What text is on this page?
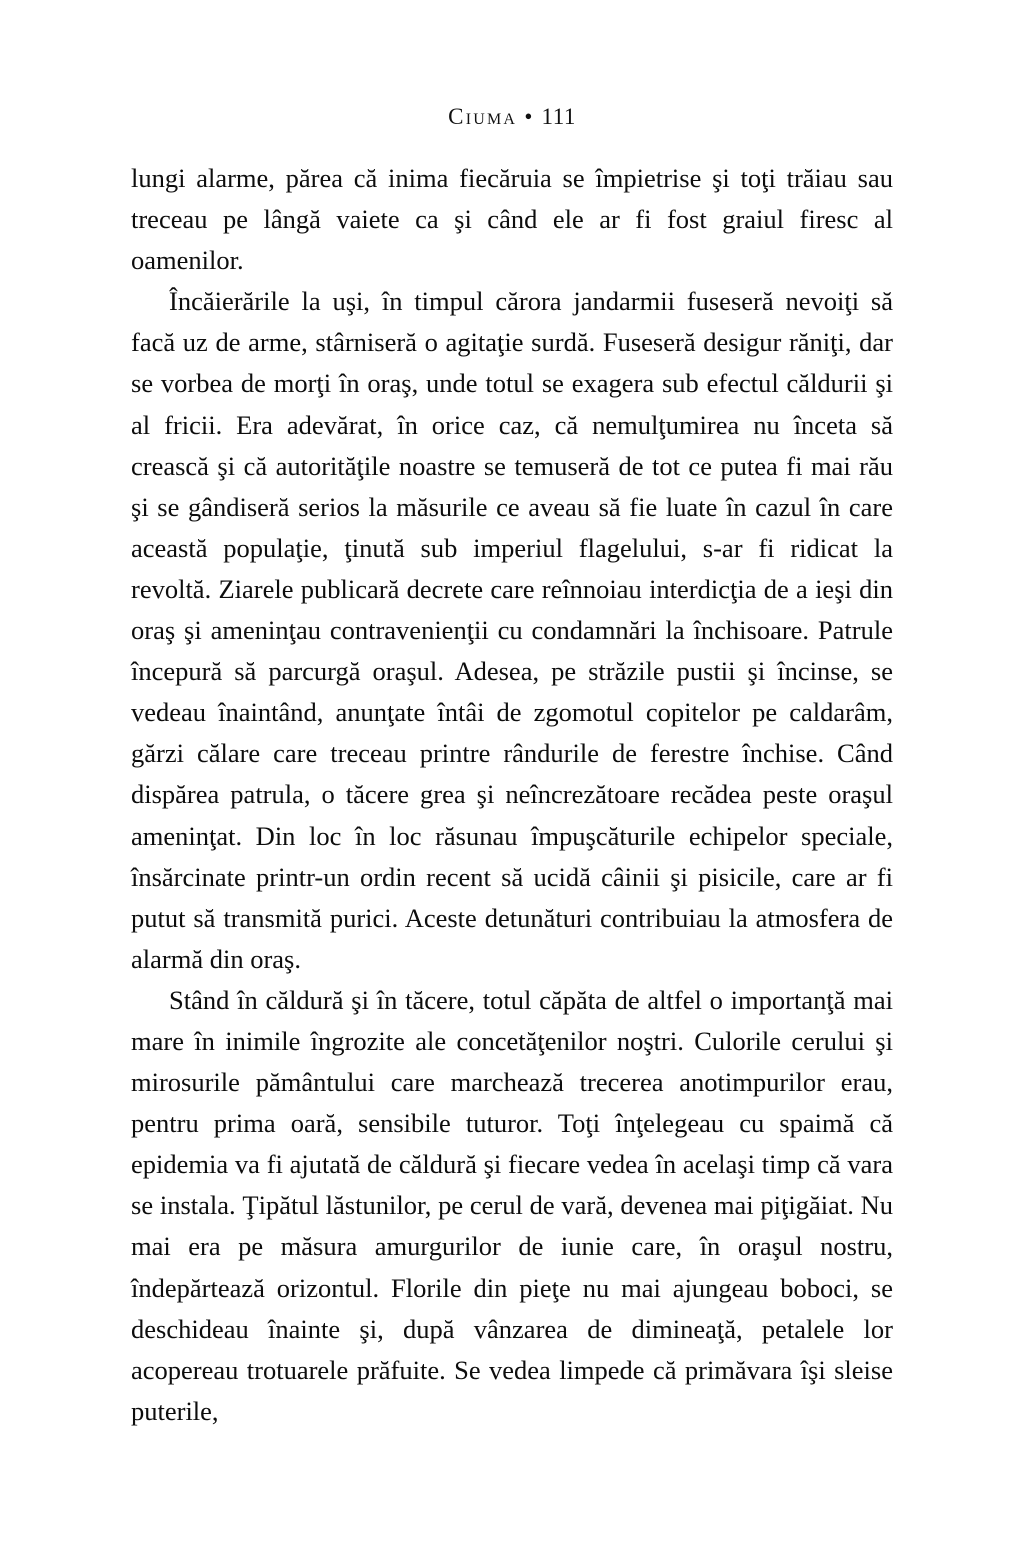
Ciuma • 111

lungi alarme, părea că inima fiecăruia se împietrise şi toţi trăiau sau treceau pe lângă vaiete ca şi când ele ar fi fost graiul firesc al oamenilor.

Încăierările la uşi, în timpul cărora jandarmii fuseseră nevoiţi să facă uz de arme, stârniseră o agitaţie surdă. Fuseseră desigur răniţi, dar se vorbea de morţi în oraş, unde totul se exagera sub efectul căldurii şi al fricii. Era adevărat, în orice caz, că nemulţumirea nu înceta să crească şi că autorităţile noastre se temuseră de tot ce putea fi mai rău şi se gândiseră serios la măsurile ce aveau să fie luate în cazul în care această populaţie, ţinută sub imperiul flagelului, s-ar fi ridicat la revoltă. Ziarele publicară decrete care reînnoiau interdicţia de a ieşi din oraş şi ameninţau contravenienţii cu condamnări la închisoare. Patrule începură să parcurgă oraşul. Adesea, pe străzile pustii şi încinse, se vedeau înaintând, anunţate întâi de zgomotul copitelor pe caldarâm, gărzi călare care treceau printre rândurile de ferestre închise. Când dispărea patrula, o tăcere grea şi neîncrezătoare recădea peste oraşul ameninţat. Din loc în loc răsunau împuşcăturile echipelor speciale, însărcinate printr-un ordin recent să ucidă câinii şi pisicile, care ar fi putut să transmită purici. Aceste detunături contribuiau la atmosfera de alarmă din oraş.

Stând în căldură şi în tăcere, totul căpăta de altfel o importanţă mai mare în inimile îngrozite ale concetăţenilor noştri. Culorile cerului şi mirosurile pământului care marchează trecerea anotimpurilor erau, pentru prima oară, sensibile tuturor. Toţi înţelegeau cu spaimă că epidemia va fi ajutată de căldură şi fiecare vedea în acelaşi timp că vara se instala. Ţipătul lăstunilor, pe cerul de vară, devenea mai piţigăiat. Nu mai era pe măsura amurgurilor de iunie care, în oraşul nostru, îndepărtează orizontul. Florile din pieţe nu mai ajungeau boboci, se deschideau înainte şi, după vânzarea de dimineaţă, petalele lor acopereau trotuarele prăfuite. Se vedea limpede că primăvara îşi sleise puterile,
